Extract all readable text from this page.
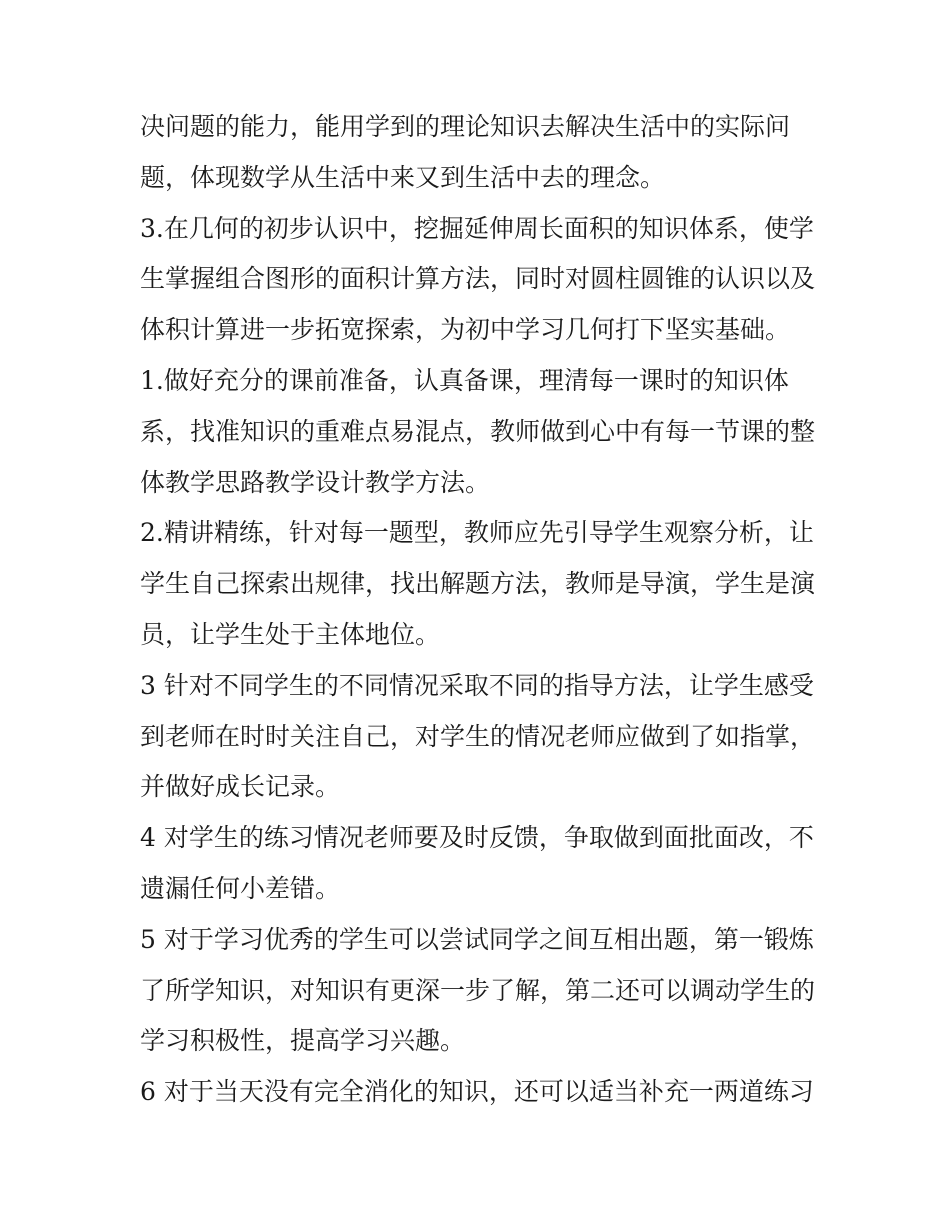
决问题的能力，能用学到的理论知识去解决生活中的实际问

题，体现数学从生活中来又到生活中去的理念。

3.在几何的初步认识中，挖掘延伸周长面积的知识体系，使学

生掌握组合图形的面积计算方法，同时对圆柱圆锥的认识以及

体积计算进一步拓宽探索，为初中学习几何打下坚实基础。

1.做好充分的课前准备，认真备课，理清每一课时的知识体

系，找准知识的重难点易混点，教师做到心中有每一节课的整

体教学思路教学设计教学方法。

2.精讲精练，针对每一题型，教师应先引导学生观察分析，让

学生自己探索出规律，找出解题方法，教师是导演，学生是演

员，让学生处于主体地位。

3 针对不同学生的不同情况采取不同的指导方法，让学生感受

到老师在时时关注自己，对学生的情况老师应做到了如指掌，

并做好成长记录。

4 对学生的练习情况老师要及时反馈，争取做到面批面改，不

遗漏任何小差错。

5 对于学习优秀的学生可以尝试同学之间互相出题，第一锻炼

了所学知识，对知识有更深一步了解，第二还可以调动学生的

学习积极性，提高学习兴趣。

6 对于当天没有完全消化的知识，还可以适当补充一两道练习
